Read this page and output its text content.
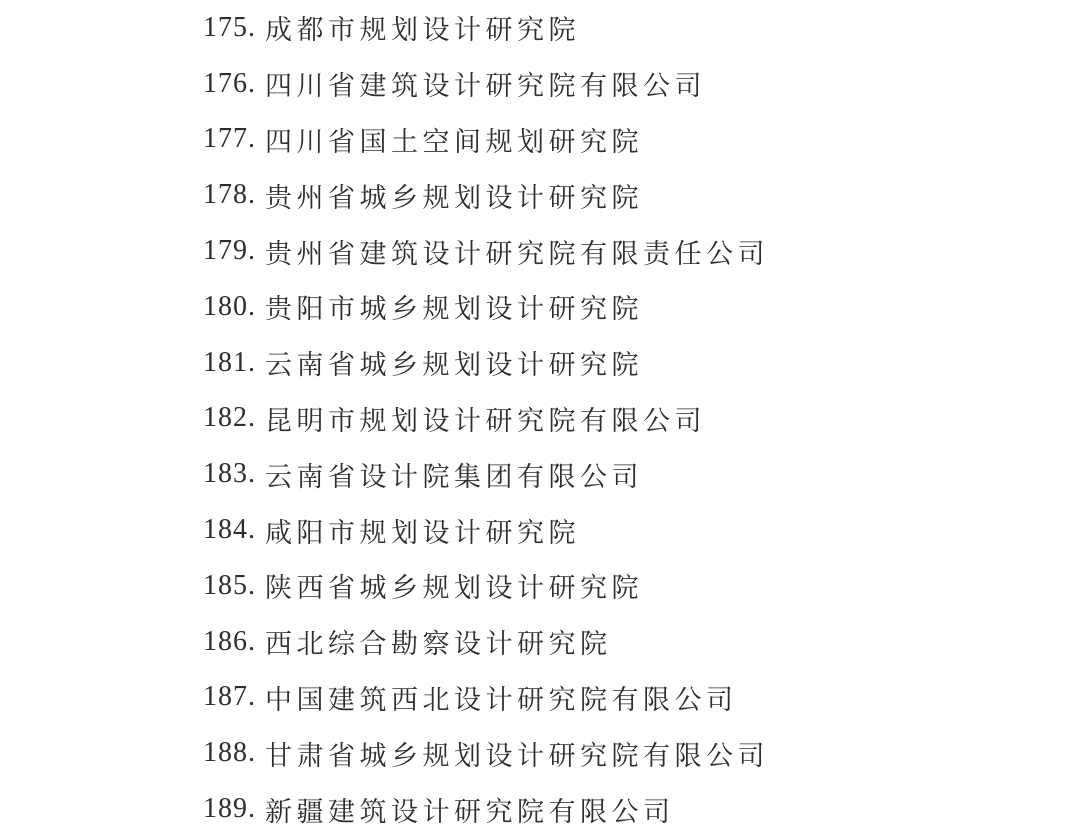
175. 成都市规划设计研究院
176. 四川省建筑设计研究院有限公司
177. 四川省国土空间规划研究院
178. 贵州省城乡规划设计研究院
179. 贵州省建筑设计研究院有限责任公司
180. 贵阳市城乡规划设计研究院
181. 云南省城乡规划设计研究院
182. 昆明市规划设计研究院有限公司
183. 云南省设计院集团有限公司
184. 咸阳市规划设计研究院
185. 陕西省城乡规划设计研究院
186. 西北综合勘察设计研究院
187. 中国建筑西北设计研究院有限公司
188. 甘肃省城乡规划设计研究院有限公司
189. 新疆建筑设计研究院有限公司
